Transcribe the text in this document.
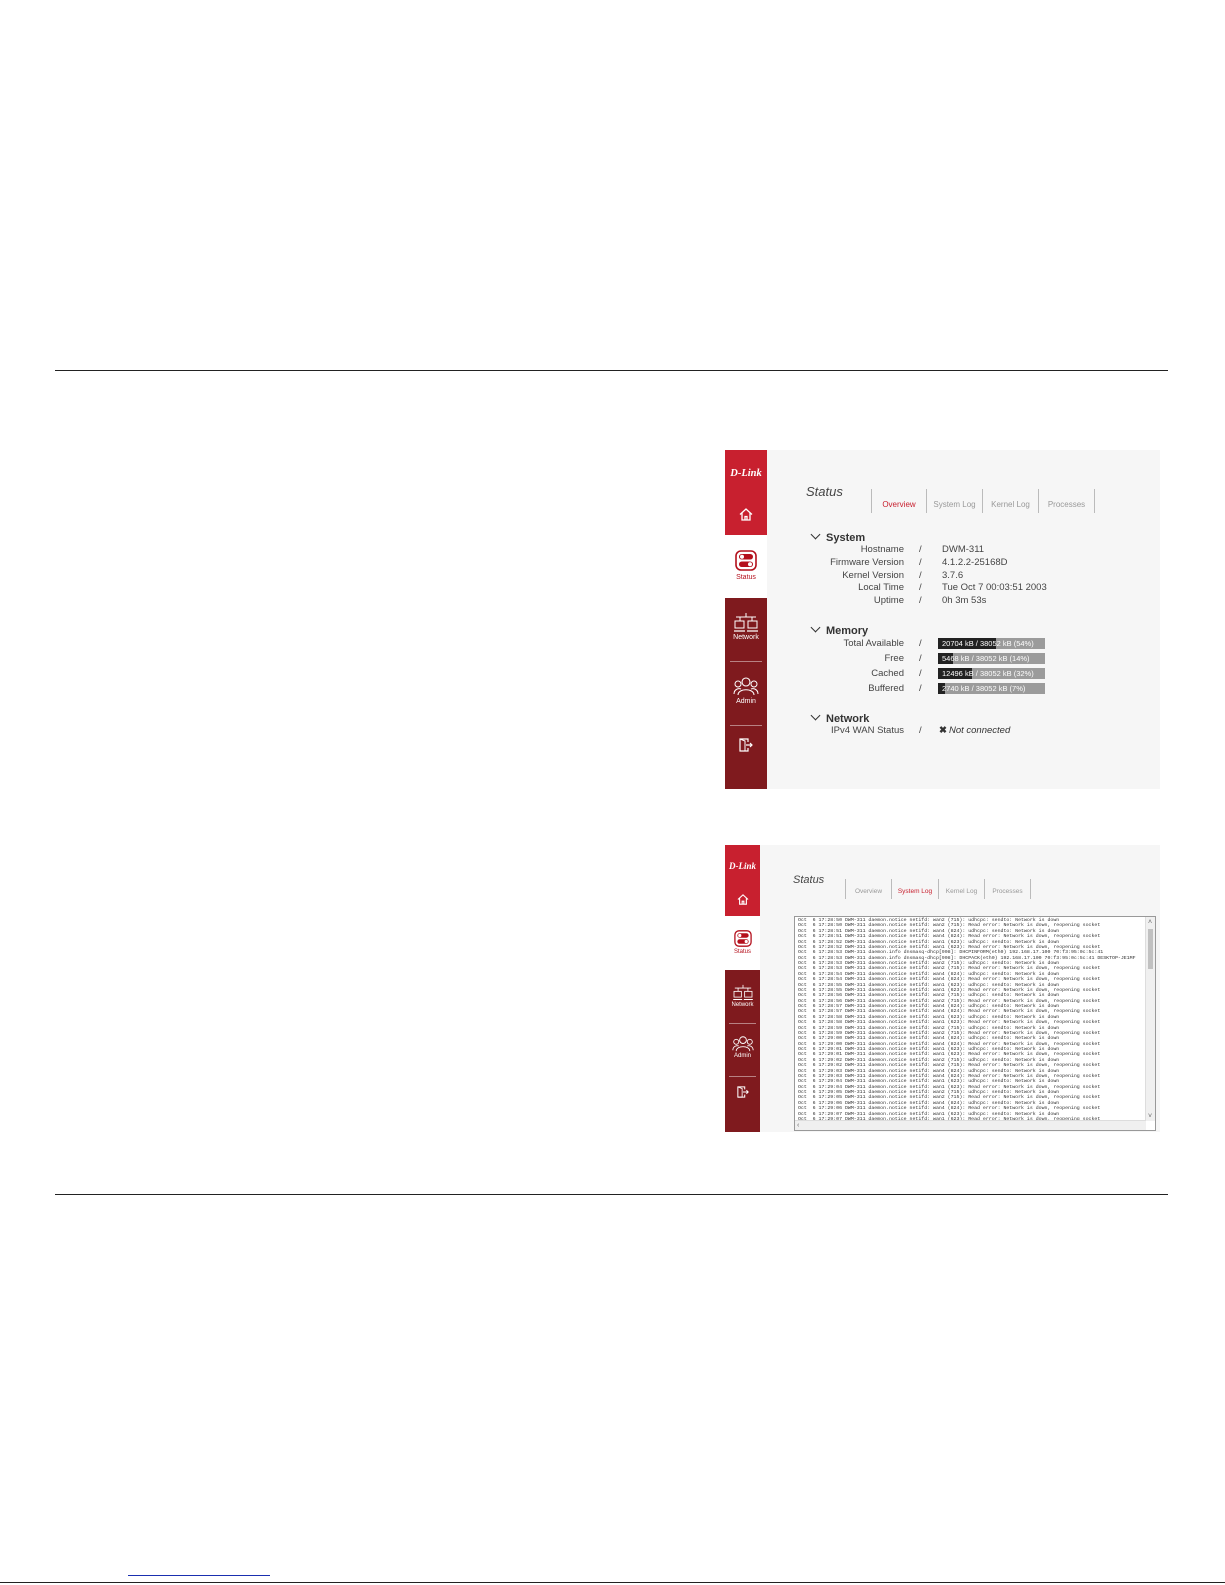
D-Link
Status
Network
Admin
Status
Overview	System Log	Kernel Log	Processes
System
Hostname / DWM-311
Firmware Version / 4.1.2.2-25168D
Kernel Version / 3.7.6
Local Time / Tue Oct 7 00:03:51 2003
Uptime / 0h 3m 53s
Memory
Total Available /	20704 kB / 38052 kB (54%)
Free /	5468 kB / 38052 kB (14%)
Cached /	12496 kB / 38052 kB (32%)
Buffered /	2740 kB / 38052 kB (7%)
Network
IPv4 WAN Status / ✖ Not connected
D-Link
Status
Network
Admin
Status
Overview	System Log	Kernel Log	Processes
Oct  6 17:28:50 DWM-311 daemon.notice netifd: wan2 (715): udhcpc: sendto: Network is down
Oct  6 17:28:50 DWM-311 daemon.notice netifd: wan2 (715): Read error: Network is down, reopening socket
Oct  6 17:28:51 DWM-311 daemon.notice netifd: wan4 (824): udhcpc: sendto: Network is down
Oct  6 17:28:51 DWM-311 daemon.notice netifd: wan4 (824): Read error: Network is down, reopening socket
Oct  6 17:28:52 DWM-311 daemon.notice netifd: wan1 (623): udhcpc: sendto: Network is down
Oct  6 17:28:52 DWM-311 daemon.notice netifd: wan1 (623): Read error: Network is down, reopening socket
Oct  6 17:28:53 DWM-311 daemon.info dnsmasq-dhcp[908]: DHCPINFORM(eth0) 192.168.17.100 70:f3:95:0c:5c:41
Oct  6 17:28:53 DWM-311 daemon.info dnsmasq-dhcp[908]: DHCPACK(eth0) 192.168.17.100 70:f3:95:0c:5c:41 DESKTOP-JE1MF
Oct  6 17:28:53 DWM-311 daemon.notice netifd: wan2 (715): udhcpc: sendto: Network is down
Oct  6 17:28:53 DWM-311 daemon.notice netifd: wan2 (715): Read error: Network is down, reopening socket
Oct  6 17:28:54 DWM-311 daemon.notice netifd: wan4 (824): udhcpc: sendto: Network is down
Oct  6 17:28:54 DWM-311 daemon.notice netifd: wan4 (824): Read error: Network is down, reopening socket
Oct  6 17:28:55 DWM-311 daemon.notice netifd: wan1 (623): udhcpc: sendto: Network is down
Oct  6 17:28:55 DWM-311 daemon.notice netifd: wan1 (623): Read error: Network is down, reopening socket
Oct  6 17:28:56 DWM-311 daemon.notice netifd: wan2 (715): udhcpc: sendto: Network is down
Oct  6 17:28:56 DWM-311 daemon.notice netifd: wan2 (715): Read error: Network is down, reopening socket
Oct  6 17:28:57 DWM-311 daemon.notice netifd: wan4 (824): udhcpc: sendto: Network is down
Oct  6 17:28:57 DWM-311 daemon.notice netifd: wan4 (824): Read error: Network is down, reopening socket
Oct  6 17:28:58 DWM-311 daemon.notice netifd: wan1 (623): udhcpc: sendto: Network is down
Oct  6 17:28:58 DWM-311 daemon.notice netifd: wan1 (623): Read error: Network is down, reopening socket
Oct  6 17:28:59 DWM-311 daemon.notice netifd: wan2 (715): udhcpc: sendto: Network is down
Oct  6 17:28:59 DWM-311 daemon.notice netifd: wan2 (715): Read error: Network is down, reopening socket
Oct  6 17:29:00 DWM-311 daemon.notice netifd: wan4 (824): udhcpc: sendto: Network is down
Oct  6 17:29:00 DWM-311 daemon.notice netifd: wan4 (824): Read error: Network is down, reopening socket
Oct  6 17:29:01 DWM-311 daemon.notice netifd: wan1 (623): udhcpc: sendto: Network is down
Oct  6 17:29:01 DWM-311 daemon.notice netifd: wan1 (623): Read error: Network is down, reopening socket
Oct  6 17:29:02 DWM-311 daemon.notice netifd: wan2 (715): udhcpc: sendto: Network is down
Oct  6 17:29:02 DWM-311 daemon.notice netifd: wan2 (715): Read error: Network is down, reopening socket
Oct  6 17:29:03 DWM-311 daemon.notice netifd: wan4 (824): udhcpc: sendto: Network is down
Oct  6 17:29:03 DWM-311 daemon.notice netifd: wan4 (824): Read error: Network is down, reopening socket
Oct  6 17:29:04 DWM-311 daemon.notice netifd: wan1 (623): udhcpc: sendto: Network is down
Oct  6 17:29:04 DWM-311 daemon.notice netifd: wan1 (623): Read error: Network is down, reopening socket
Oct  6 17:29:05 DWM-311 daemon.notice netifd: wan2 (715): udhcpc: sendto: Network is down
Oct  6 17:29:05 DWM-311 daemon.notice netifd: wan2 (715): Read error: Network is down, reopening socket
Oct  6 17:29:06 DWM-311 daemon.notice netifd: wan4 (824): udhcpc: sendto: Network is down
Oct  6 17:29:06 DWM-311 daemon.notice netifd: wan4 (824): Read error: Network is down, reopening socket
Oct  6 17:29:07 DWM-311 daemon.notice netifd: wan1 (623): udhcpc: sendto: Network is down
˄
˅
‹
